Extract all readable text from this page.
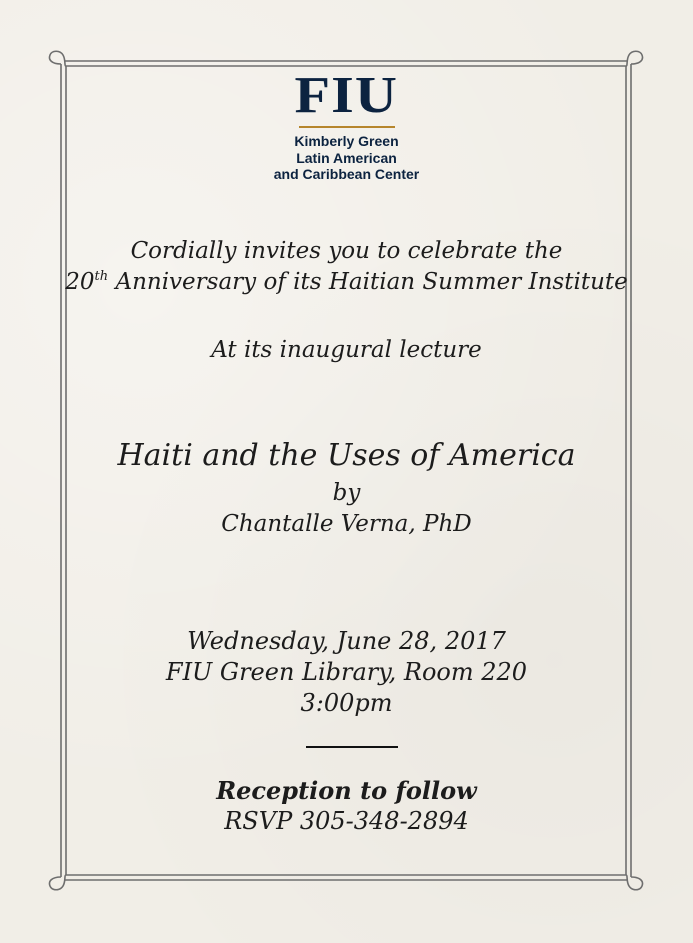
FIU
Kimberly Green
Latin American
and Caribbean Center
Cordially invites you to celebrate the
20th Anniversary of its Haitian Summer Institute
At its inaugural lecture
Haiti and the Uses of America
by
Chantalle Verna, PhD
Wednesday, June 28, 2017
FIU Green Library, Room 220
3:00pm
Reception to follow
RSVP 305-348-2894
